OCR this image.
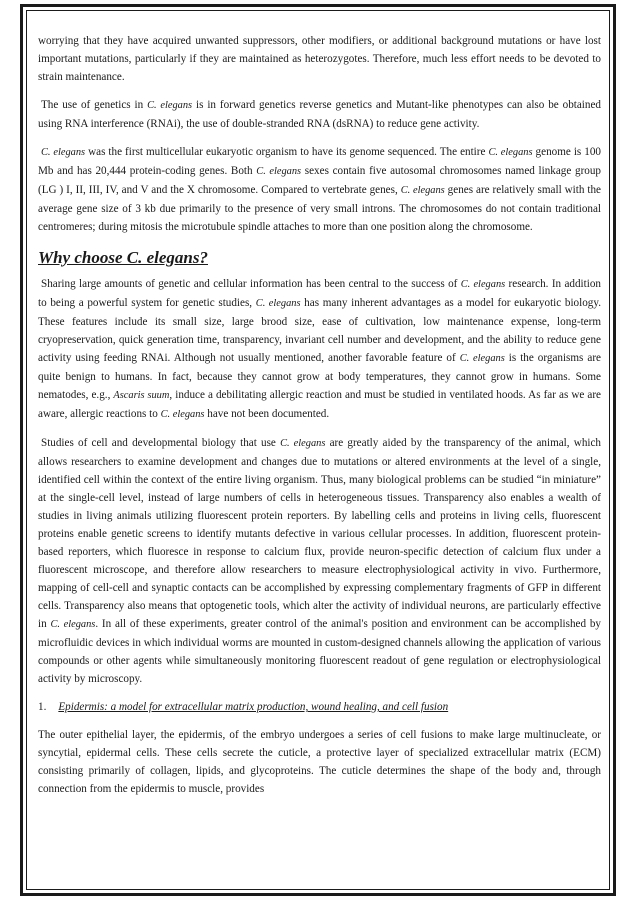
worrying that they have acquired unwanted suppressors, other modifiers, or additional background mutations or have lost important mutations, particularly if they are maintained as heterozygotes. Therefore, much less effort needs to be devoted to strain maintenance.

The use of genetics in C. elegans is in forward genetics reverse genetics and Mutant-like phenotypes can also be obtained using RNA interference (RNAi), the use of double-stranded RNA (dsRNA) to reduce gene activity.

C. elegans was the first multicellular eukaryotic organism to have its genome sequenced. The entire C. elegans genome is 100 Mb and has 20,444 protein-coding genes. Both C. elegans sexes contain five autosomal chromosomes named linkage group (LG ) I, II, III, IV, and V and the X chromosome. Compared to vertebrate genes, C. elegans genes are relatively small with the average gene size of 3 kb due primarily to the presence of very small introns. The chromosomes do not contain traditional centromeres; during mitosis the microtubule spindle attaches to more than one position along the chromosome.

Why choose C. elegans?

Sharing large amounts of genetic and cellular information has been central to the success of C. elegans research. In addition to being a powerful system for genetic studies, C. elegans has many inherent advantages as a model for eukaryotic biology. These features include its small size, large brood size, ease of cultivation, low maintenance expense, long-term cryopreservation, quick generation time, transparency, invariant cell number and development, and the ability to reduce gene activity using feeding RNAi. Although not usually mentioned, another favorable feature of C. elegans is the organisms are quite benign to humans. In fact, because they cannot grow at body temperatures, they cannot grow in humans. Some nematodes, e.g., Ascaris suum, induce a debilitating allergic reaction and must be studied in ventilated hoods. As far as we are aware, allergic reactions to C. elegans have not been documented.

Studies of cell and developmental biology that use C. elegans are greatly aided by the transparency of the animal, which allows researchers to examine development and changes due to mutations or altered environments at the level of a single, identified cell within the context of the entire living organism. Thus, many biological problems can be studied “in miniature” at the single-cell level, instead of large numbers of cells in heterogeneous tissues. Transparency also enables a wealth of studies in living animals utilizing fluorescent protein reporters. By labelling cells and proteins in living cells, fluorescent proteins enable genetic screens to identify mutants defective in various cellular processes. In addition, fluorescent protein-based reporters, which fluoresce in response to calcium flux, provide neuron-specific detection of calcium flux under a fluorescent microscope, and therefore allow researchers to measure electrophysiological activity in vivo. Furthermore, mapping of cell-cell and synaptic contacts can be accomplished by expressing complementary fragments of GFP in different cells. Transparency also means that optogenetic tools, which alter the activity of individual neurons, are particularly effective in C. elegans. In all of these experiments, greater control of the animal's position and environment can be accomplished by microfluidic devices in which individual worms are mounted in custom-designed channels allowing the application of various compounds or other agents while simultaneously monitoring fluorescent readout of gene regulation or electrophysiological activity by microscopy.

1. Epidermis: a model for extracellular matrix production, wound healing, and cell fusion

The outer epithelial layer, the epidermis, of the embryo undergoes a series of cell fusions to make large multinucleate, or syncytial, epidermal cells. These cells secrete the cuticle, a protective layer of specialized extracellular matrix (ECM) consisting primarily of collagen, lipids, and glycoproteins. The cuticle determines the shape of the body and, through connection from the epidermis to muscle, provides
